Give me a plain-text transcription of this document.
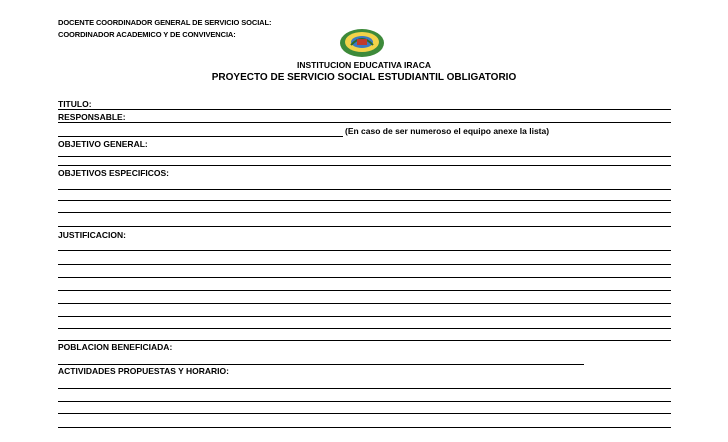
DOCENTE COORDINADOR GENERAL DE SERVICIO SOCIAL:
COORDINADOR ACADEMICO Y DE CONVIVENCIA:
INSTITUCION EDUCATIVA IRACA
PROYECTO DE SERVICIO SOCIAL ESTUDIANTIL OBLIGATORIO
TITULO:
RESPONSABLE:
(En caso de ser numeroso el equipo anexe la lista)
OBJETIVO GENERAL:
OBJETIVOS ESPECIFICOS:
JUSTIFICACION:
POBLACION BENEFICIADA:
ACTIVIDADES PROPUESTAS Y HORARIO:
